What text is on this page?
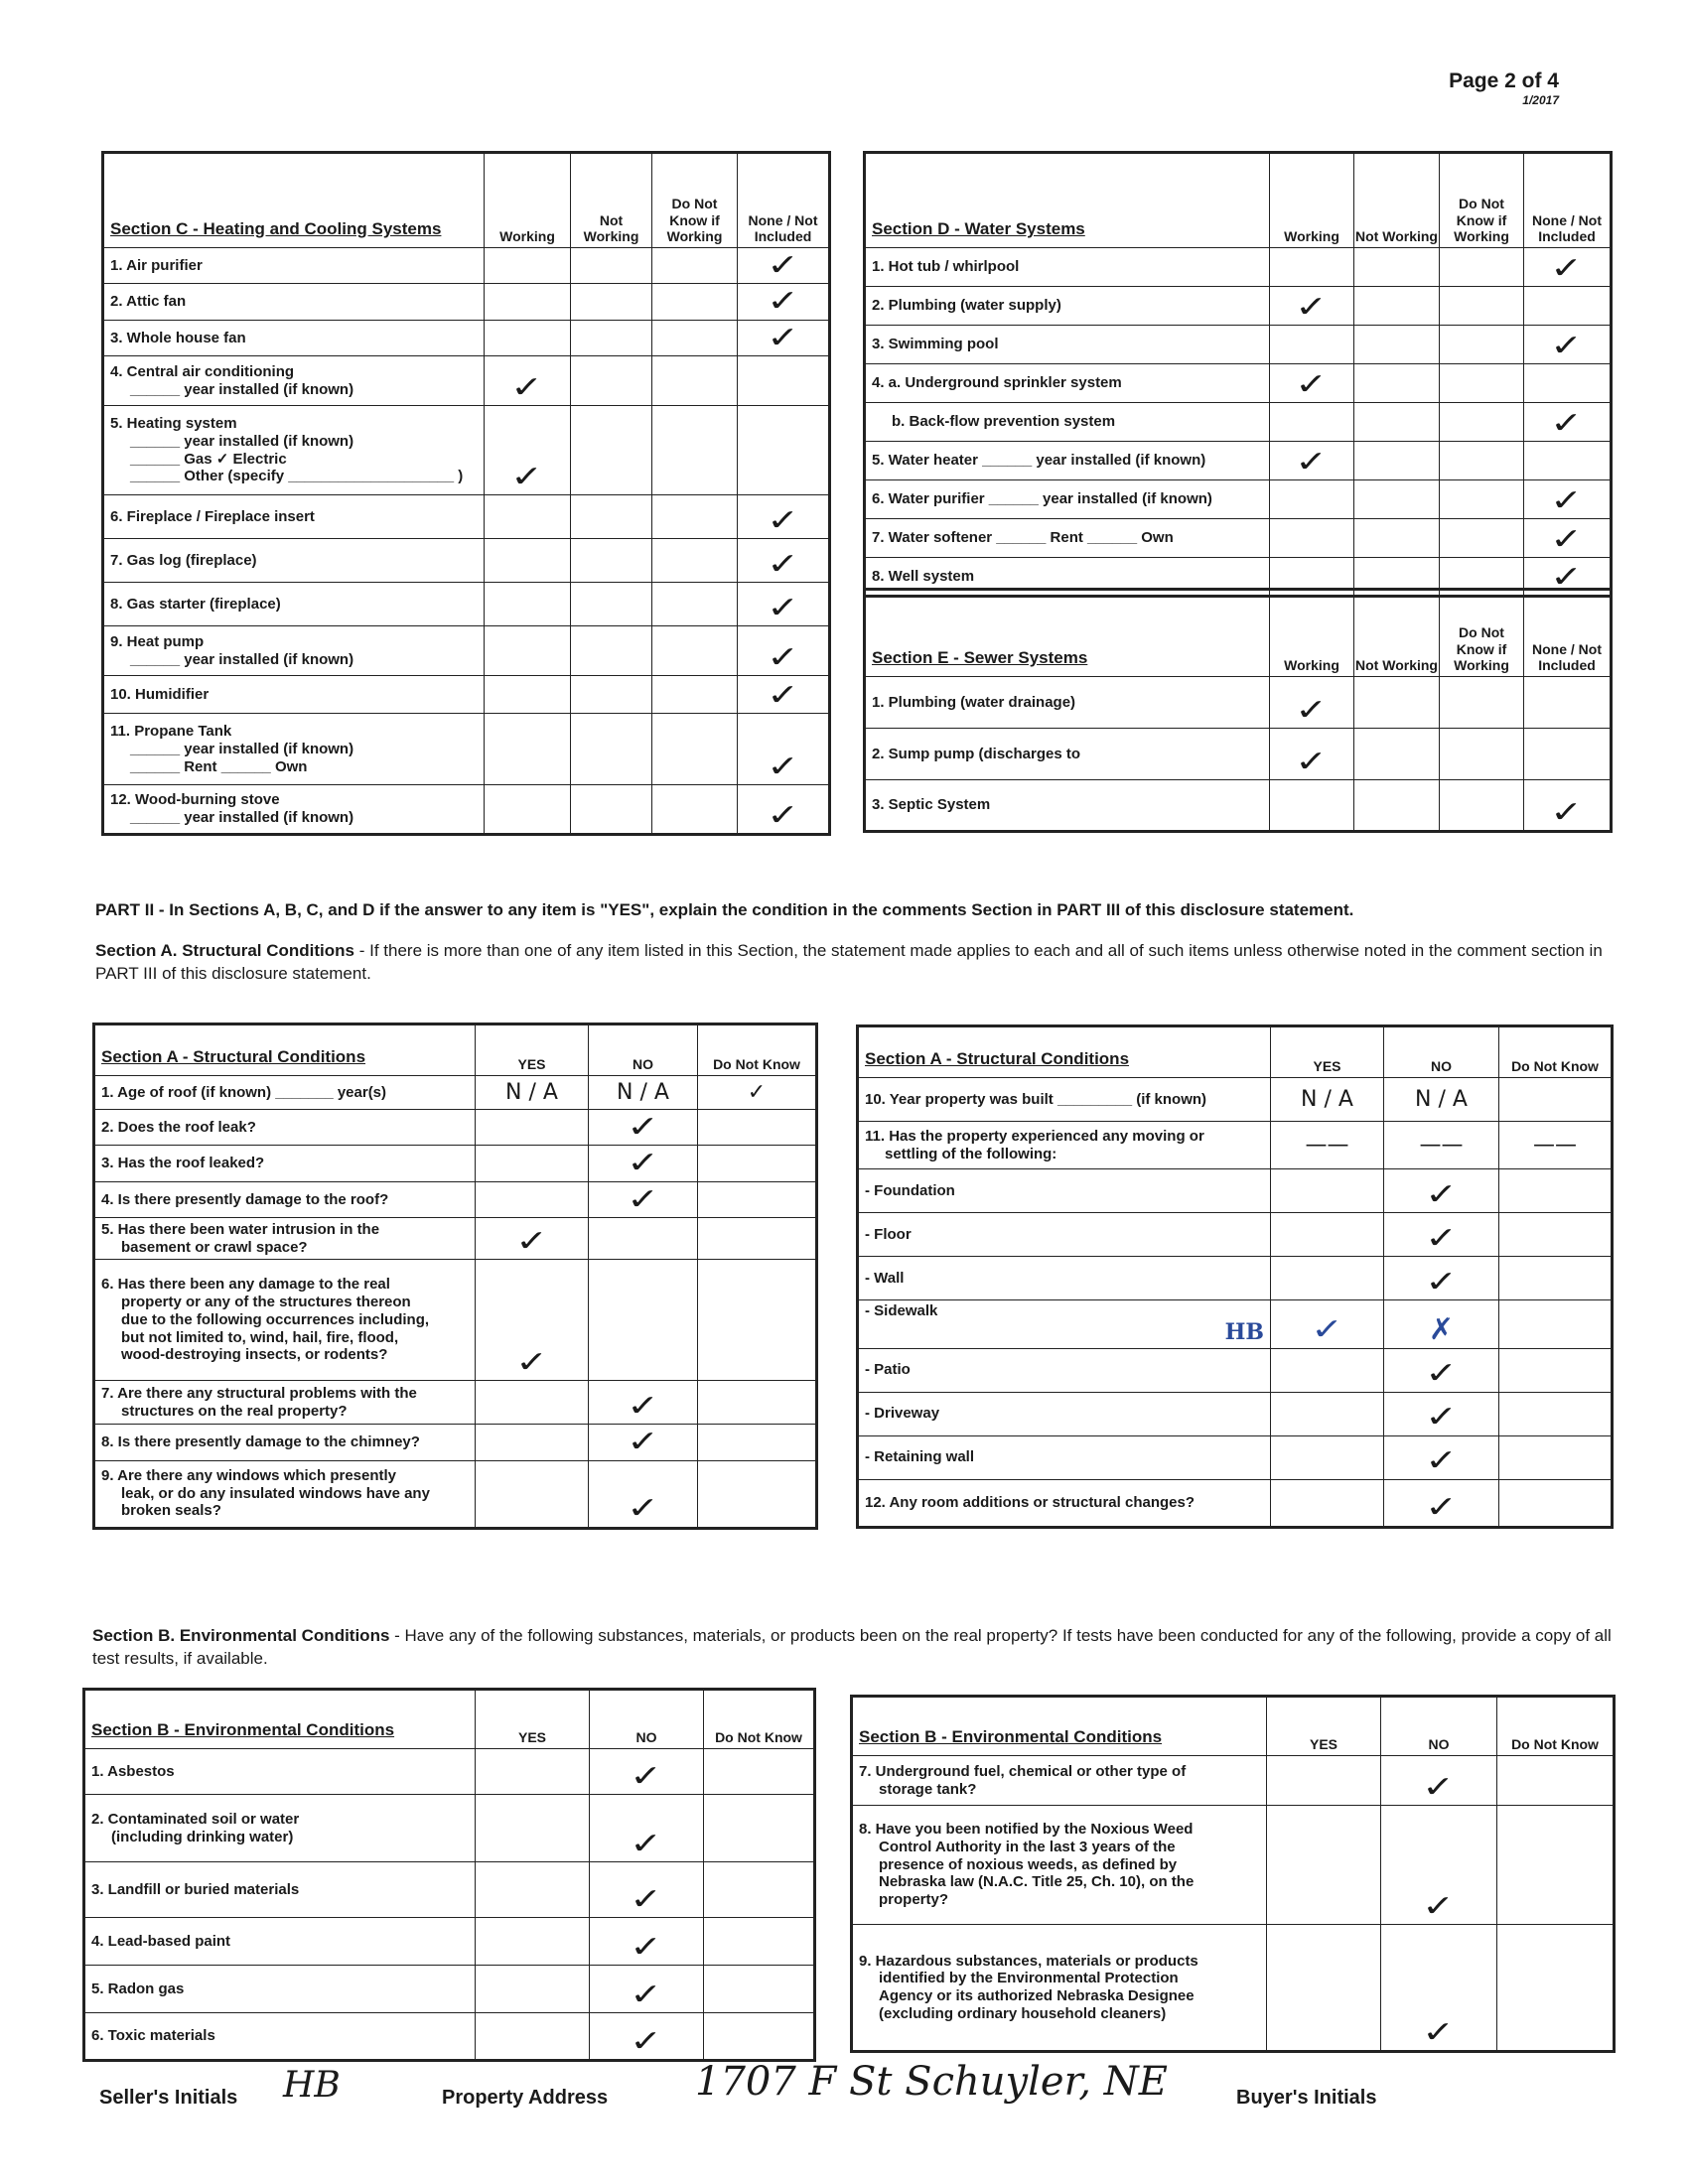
Page 2 of 4
1/2017
Section C - Heating and Cooling Systems	Working	Not Working	Do Not Know if Working	None / Not Included

1. Air purifier				✓

2. Attic fan				✓

3. Whole house fan				✓

4. Central air conditioning
______ year installed (if known)	✓			

5. Heating system
______ year installed (if known)
______ Gas ✓ Electric
______ Other (specify ____________________ )	✓			

6. Fireplace / Fireplace insert				✓

7. Gas log (fireplace)				✓

8. Gas starter (fireplace)				✓

9. Heat pump
______ year installed (if known)				✓

10. Humidifier				✓

11. Propane Tank
______ year installed (if known)
______ Rent ______ Own				✓

12. Wood-burning stove
______ year installed (if known)				✓
Section D - Water Systems	Working	Not Working	Do Not Know if Working	None / Not Included

1. Hot tub / whirlpool				✓

2. Plumbing (water supply)	✓			

3. Swimming pool				✓

4. a. Underground sprinkler system	✓			

b. Back-flow prevention system				✓

5. Water heater ______ year installed (if known)	✓			

6. Water purifier ______ year installed (if known)				✓

7. Water softener ______ Rent ______ Own				✓

8. Well system				✓
Section E - Sewer Systems	Working	Not Working	Do Not Know if Working	None / Not Included

1. Plumbing (water drainage)	✓			

2. Sump pump (discharges to	✓			

3. Septic System				✓
PART II - In Sections A, B, C, and D if the answer to any item is "YES", explain the condition in the comments Section in PART III of this disclosure statement.
Section A. Structural Conditions - If there is more than one of any item listed in this Section, the statement made applies to each and all of such items unless otherwise noted in the comment section in PART III of this disclosure statement.
Section A - Structural Conditions	YES	NO	Do Not Know

1. Age of roof (if known) _______ year(s)	N / A	N / A	✓

2. Does the roof leak?		✓	

3. Has the roof leaked?		✓	

4. Is there presently damage to the roof?		✓	

5. Has there been water intrusion in the
basement or crawl space?	✓		

6. Has there been any damage to the real
property or any of the structures thereon
due to the following occurrences including,
but not limited to, wind, hail, fire, flood,
wood-destroying insects, or rodents?	✓		

7. Are there any structural problems with the
structures on the real property?		✓	

8. Is there presently damage to the chimney?		✓	

9. Are there any windows which presently
leak, or do any insulated windows have any
broken seals?		✓	
Section A - Structural Conditions	YES	NO	Do Not Know

10. Year property was built _________ (if known)	N / A	N / A	

11. Has the property experienced any moving or
settling of the following:	——	——	——

- Foundation		✓	

- Floor		✓	

- Wall		✓	

- Sidewalk
HB	✓	✗	

- Patio		✓	

- Driveway		✓	

- Retaining wall		✓	

12. Any room additions or structural changes?		✓	
Section B. Environmental Conditions - Have any of the following substances, materials, or products been on the real property? If tests have been conducted for any of the following, provide a copy of all test results, if available.
Section B - Environmental Conditions	YES	NO	Do Not Know

1. Asbestos		✓	

2. Contaminated soil or water
(including drinking water)		✓	

3. Landfill or buried materials		✓	

4. Lead-based paint		✓	

5. Radon gas		✓	

6. Toxic materials		✓	
Section B - Environmental Conditions	YES	NO	Do Not Know

7. Underground fuel, chemical or other type of
storage tank?		✓	

8. Have you been notified by the Noxious Weed
Control Authority in the last 3 years of the
presence of noxious weeds, as defined by
Nebraska law (N.A.C. Title 25, Ch. 10), on the
property?		✓	

9. Hazardous substances, materials or products
identified by the Environmental Protection
Agency or its authorized Nebraska Designee
(excluding ordinary household cleaners)		✓	
Seller's Initials HB	Property Address 1707 F St Schuyler, NE	Buyer's Initials
